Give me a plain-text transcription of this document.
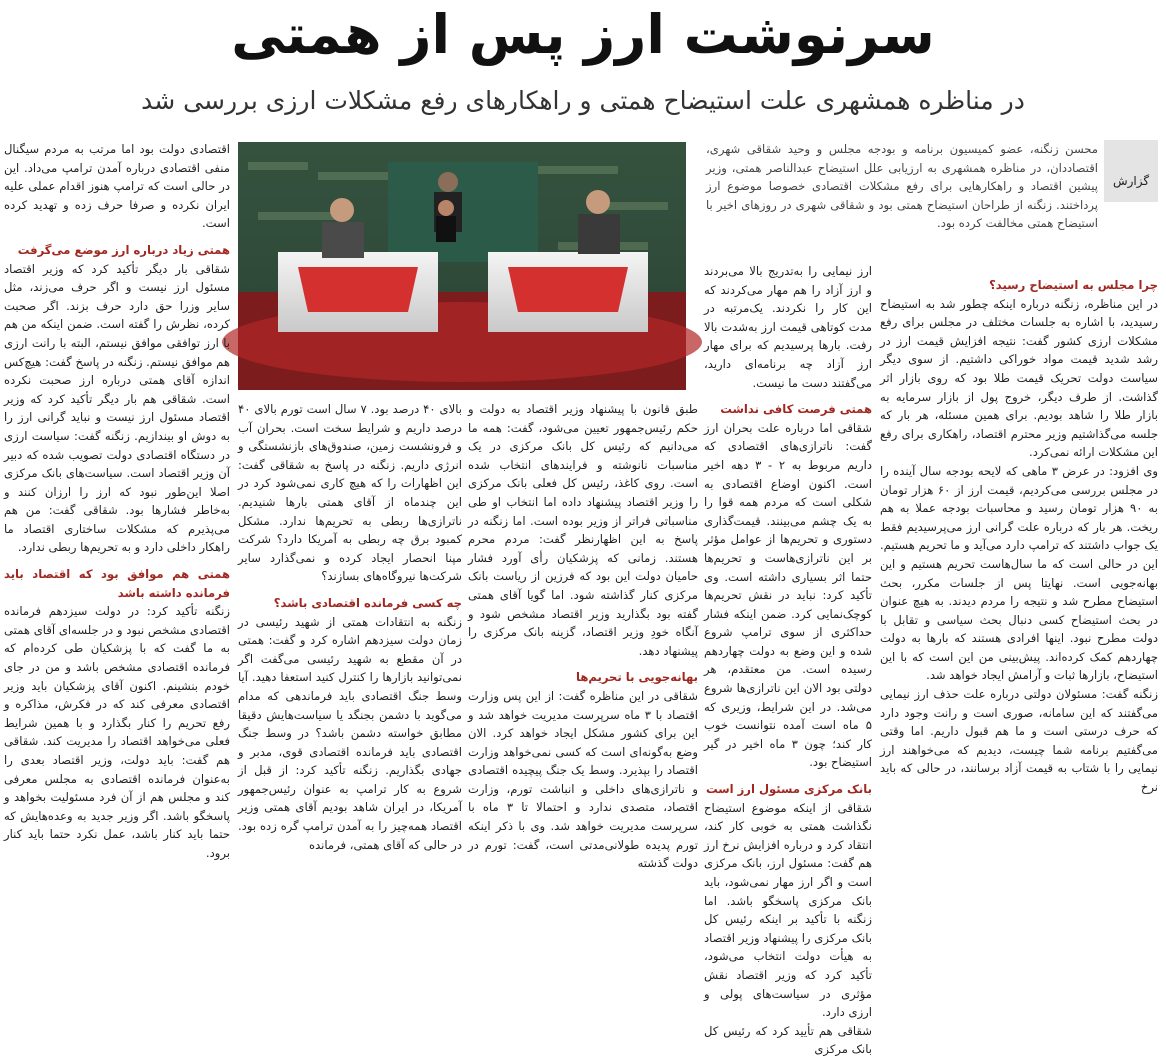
سرنوشت ارز پس از همتی
در مناظره همشهری علت استیضاح همتی و راهکارهای رفع مشکلات ارزی بررسی شد
گزارش
محسن زنگنه، عضو کمیسیون برنامه و بودجه مجلس و وحید شقاقی شهری، اقتصاددان، در مناظره همشهری به ارزیابی علل استیضاح عبدالناصر همتی، وزیر پیشین اقتصاد و راهکارهایی برای رفع مشکلات اقتصادی خصوصا موضوع ارز پرداختند. زنگنه از طراحان استیضاح همتی بود و شقاقی شهری در روزهای اخیر با استیضاح همتی مخالفت کرده بود.

چرا مجلس به استیضاح رسید؟

در این مناظره، زنگنه درباره اینکه چطور شد به استیضاح رسیدید، با اشاره به جلسات مختلف در مجلس برای رفع مشکلات ارزی کشور گفت: نتیجه افزایش قیمت ارز در رشد شدید قیمت مواد خوراکی داشتیم. از سوی دیگر سیاست دولت تحریک قیمت طلا بود که روی بازار اثر گذاشت. از طرف دیگر، خروج پول از بازار سرمایه به بازار طلا را شاهد بودیم. برای همین مسئله، هر بار که جلسه می‌گذاشتیم وزیر محترم اقتصاد، راهکاری برای رفع این مشکلات ارائه نمی‌کرد.

وی افزود: در عرض ۳ ماهی که لایحه بودجه سال آینده را در مجلس بررسی می‌کردیم، قیمت ارز از ۶۰ هزار تومان به ۹۰ هزار تومان رسید و محاسبات بودجه عملا به هم ریخت. هر بار که درباره علت گرانی ارز می‌پرسیدیم فقط یک جواب داشتند که ترامپ دارد می‌آید و ما تحریم هستیم. این در حالی است که ما سال‌هاست تحریم هستیم و این بهانه‌جویی است. نهایتا پس از جلسات مکرر، بحث استیضاح مطرح شد و نتیجه را مردم دیدند. به هیچ عنوان در بحث استیضاح کسی دنبال بحث سیاسی و تقابل با دولت مطرح نبود. اینها افرادی هستند که بارها به دولت چهاردهم کمک کرده‌اند. پیش‌بینی من این است که با این استیضاح، بازارها ثبات و آرامش ایجاد خواهد شد.

زنگنه گفت: مسئولان دولتی درباره علت حذف ارز نیمایی می‌گفتند که این سامانه، صوری است و رانت وجود دارد که حرف درستی است و ما هم قبول داریم. اما وقتی می‌گفتیم برنامه شما چیست، دیدیم که می‌خواهند ارز نیمایی را با شتاب به قیمت آزاد برسانند، در حالی که باید نرخ

ارز نیمایی را به‌تدریج بالا می‌بردند و ارز آزاد را هم مهار می‌کردند که این کار را نکردند. یک‌مرتبه در مدت کوتاهی قیمت ارز به‌شدت بالا رفت. بارها پرسیدیم که برای مهار ارز آزاد چه برنامه‌ای دارید، می‌گفتند دست ما نیست.

همتی فرصت کافی نداشت

شقاقی اما درباره علت بحران ارز گفت: ناترازی‌های اقتصادی که داریم مربوط به ۲ - ۳ دهه اخیر است. اکنون اوضاع اقتصادی به شکلی است که مردم همه قوا را به یک چشم می‌بینند. قیمت‌گذاری دستوری و تحریم‌ها از عوامل مؤثر بر این ناترازی‌هاست و تحریم‌ها حتما اثر بسیاری داشته است. وی تأکید کرد: نباید در نقش تحریم‌ها کوچک‌نمایی کرد. ضمن اینکه فشار حداکثری از سوی ترامپ شروع شده و این وضع به دولت چهاردهم رسیده است. من معتقدم، هر دولتی بود الان این ناترازی‌ها شروع می‌شد. در این شرایط، وزیری که ۵ ماه است آمده نتوانست خوب کار کند؛ چون ۳ ماه اخیر در گیر استیضاح بود.

بانک مرکزی مسئول ارز است

شقاقی از اینکه موضوع استیضاح نگذاشت همتی به خوبی کار کند، انتقاد کرد و درباره افزایش نرخ ارز هم گفت: مسئول ارز، بانک مرکزی است و اگر ارز مهار نمی‌شود، باید بانک مرکزی پاسخگو باشد. اما زنگنه با تأکید بر اینکه رئیس کل بانک مرکزی را پیشنهاد وزیر اقتصاد به هیأت دولت انتخاب می‌شود، تأکید کرد که وزیر اقتصاد نقش مؤثری در سیاست‌های پولی و ارزی دارد.

شقاقی هم تأیید کرد که رئیس کل بانک مرکزی

طبق قانون با پیشنهاد وزیر اقتصاد به دولت و حکم رئیس‌جمهور تعیین می‌شود، گفت: همه ما می‌دانیم که رئیس کل بانک مرکزی در یک مناسبات نانوشته و فرایندهای انتخاب شده است. روی کاغذ، رئیس کل فعلی بانک مرکزی را وزیر اقتصاد پیشنهاد داده اما انتخاب او طی مناسباتی فراتر از وزیر بوده است. اما زنگنه در پاسخ به این اظهارنظر گفت: مردم محرم هستند. زمانی که پزشکیان رأی آورد فشار حامیان دولت این بود که فرزین از ریاست بانک مرکزی کنار گذاشته شود. اما گویا آقای همتی گفته بود بگذارید وزیر اقتصاد مشخص شود و آنگاه خودِ وزیر اقتصاد، گزینه بانک مرکزی را پیشنهاد دهد.

بهانه‌جویی با تحریم‌ها

شقاقی در این مناظره گفت: از این پس وزارت اقتصاد با ۳ ماه سرپرست مدیریت خواهد شد و این برای کشور مشکل ایجاد خواهد کرد. الان وضع به‌گونه‌ای است که کسی نمی‌خواهد وزارت اقتصاد را بپذیرد. وسط یک جنگ پیچیده اقتصادی و ناترازی‌های داخلی و انباشت تورم، وزارت اقتصاد، متصدی ندارد و احتمالا تا ۳ ماه با سرپرست مدیریت خواهد شد. وی با ذکر اینکه تورم پدیده طولانی‌مدتی است، گفت: تورم در دولت گذشته

بالای ۴۰ درصد بود. ۷ سال است تورم بالای ۴۰ درصد داریم و شرایط سخت است. بحران آب و فرونشست زمین، صندوق‌های بازنشستگی و انرژی داریم. زنگنه در پاسخ به شقاقی گفت: این اظهارات را که هیچ کاری نمی‌شود کرد در این چندماه از آقای همتی بارها شنیدیم. ناترازی‌ها ربطی به تحریم‌ها ندارد. مشکل کمبود برق چه ربطی به آمریکا دارد؟ شرکت مپنا انحصار ایجاد کرده و نمی‌گذارد سایر شرکت‌ها نیروگاه‌های بسازند؟

چه کسی فرمانده اقتصادی باشد؟

زنگنه به انتقادات همتی از شهید رئیسی در زمان دولت سیزدهم اشاره کرد و گفت: همتی در آن مقطع به شهید رئیسی می‌گفت اگر نمی‌توانید بازارها را کنترل کنید استعفا دهید. آیا وسط جنگ اقتصادی باید فرماندهی که مدام می‌گوید با دشمن بجنگد یا سیاست‌هایش دقیقا مطابق خواسته دشمن باشد؟ در وسط جنگ اقتصادی باید فرمانده اقتصادی قوی، مدبر و جهادی بگذاریم. زنگنه تأکید کرد: از قبل از شروع به کار ترامپ به عنوان رئیس‌جمهور آمریکا، در ایران شاهد بودیم آقای همتی وزیر اقتصاد همه‌چیز را به آمدن ترامپ گره زده بود. در حالی که آقای همتی، فرمانده

اقتصادی دولت بود اما مرتب به مردم سیگنال منفی اقتصادی درباره آمدن ترامپ می‌داد. این در حالی است که ترامپ هنوز اقدام عملی علیه ایران نکرده و صرفا حرف زده و تهدید کرده است.

همتی زیاد درباره ارز موضع می‌گرفت

شقاقی بار دیگر تأکید کرد که وزیر اقتصاد مسئول ارز نیست و اگر حرف می‌زند، مثل سایر وزرا حق دارد حرف بزند. اگر صحبت کرده، نظرش را گفته است. ضمن اینکه من هم با ارز توافقی موافق نیستم، البته با رانت ارزی هم موافق نیستم. زنگنه در پاسخ گفت: هیچ‌کس اندازه آقای همتی درباره ارز صحبت نکرده است. شقاقی هم بار دیگر تأکید کرد که وزیر اقتصاد مسئول ارز نیست و نباید گرانی ارز را به دوش او بیندازیم. زنگنه گفت: سیاست ارزی در دستگاه اقتصادی دولت تصویب شده که دبیر آن وزیر اقتصاد است. سیاست‌های بانک مرکزی اصلا این‌طور نبود که ارز را ارزان کنند و به‌خاطر فشارها بود. شقاقی گفت: من هم می‌پذیرم که مشکلات ساختاری اقتصاد ما راهکار داخلی دارد و به تحریم‌ها ربطی ندارد.

همتی هم موافق بود که اقتصاد باید فرمانده داشته باشد

زنگنه تأکید کرد: در دولت سیزدهم فرمانده اقتصادی مشخص نبود و در جلسه‌ای آقای همتی به ما گفت که با پزشکیان طی کرده‌ام که فرمانده اقتصادی مشخص باشد و من در جای خودم بنشینم. اکنون آقای پزشکیان باید وزیر اقتصادی معرفی کند که در فکرش، مذاکره و رفع تحریم را کنار بگذارد و با همین شرایط فعلی می‌خواهد اقتصاد را مدیریت کند. شقاقی هم گفت: باید دولت، وزیر اقتصاد بعدی را به‌عنوان فرمانده اقتصادی به مجلس معرفی کند و مجلس هم از آن فرد مسئولیت بخواهد و پاسخگو باشد. اگر وزیر جدید به وعده‌هایش که حتما باید کنار باشد، عمل نکرد حتما باید کنار برود.
